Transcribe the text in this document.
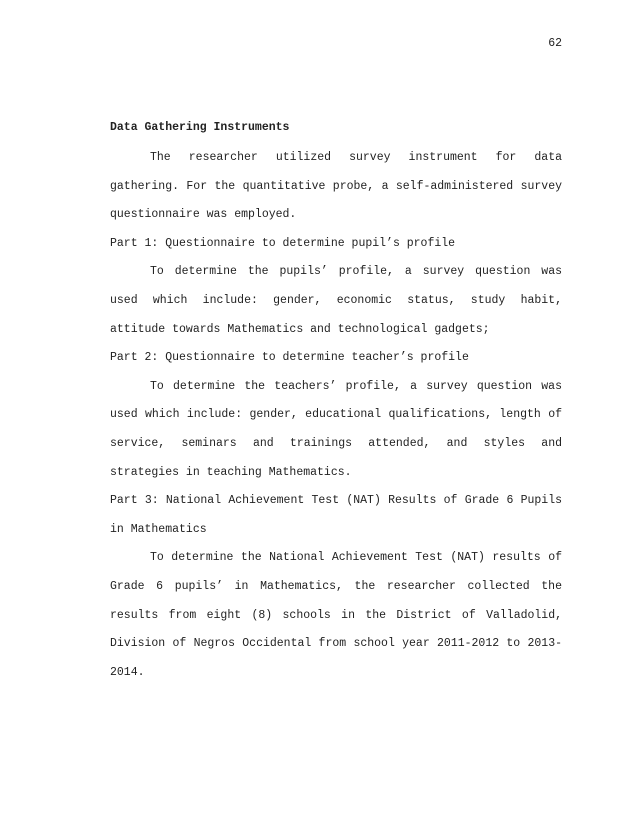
62

Data Gathering Instruments

The researcher utilized survey instrument for data gathering. For the quantitative probe, a self-administered survey questionnaire was employed.

Part 1: Questionnaire to determine pupil’s profile

To determine the pupils’ profile, a survey question was used which include: gender, economic status, study habit, attitude towards Mathematics and technological gadgets;

Part 2: Questionnaire to determine teacher’s profile

To determine the teachers’ profile, a survey question was used which include: gender, educational qualifications, length of service, seminars and trainings attended, and styles and strategies in teaching Mathematics.

Part 3: National Achievement Test (NAT) Results of Grade 6 Pupils in Mathematics

To determine the National Achievement Test (NAT) results of Grade 6 pupils’ in Mathematics, the researcher collected the results from eight (8) schools in the District of Valladolid, Division of Negros Occidental from school year 2011-2012 to 2013-2014.
